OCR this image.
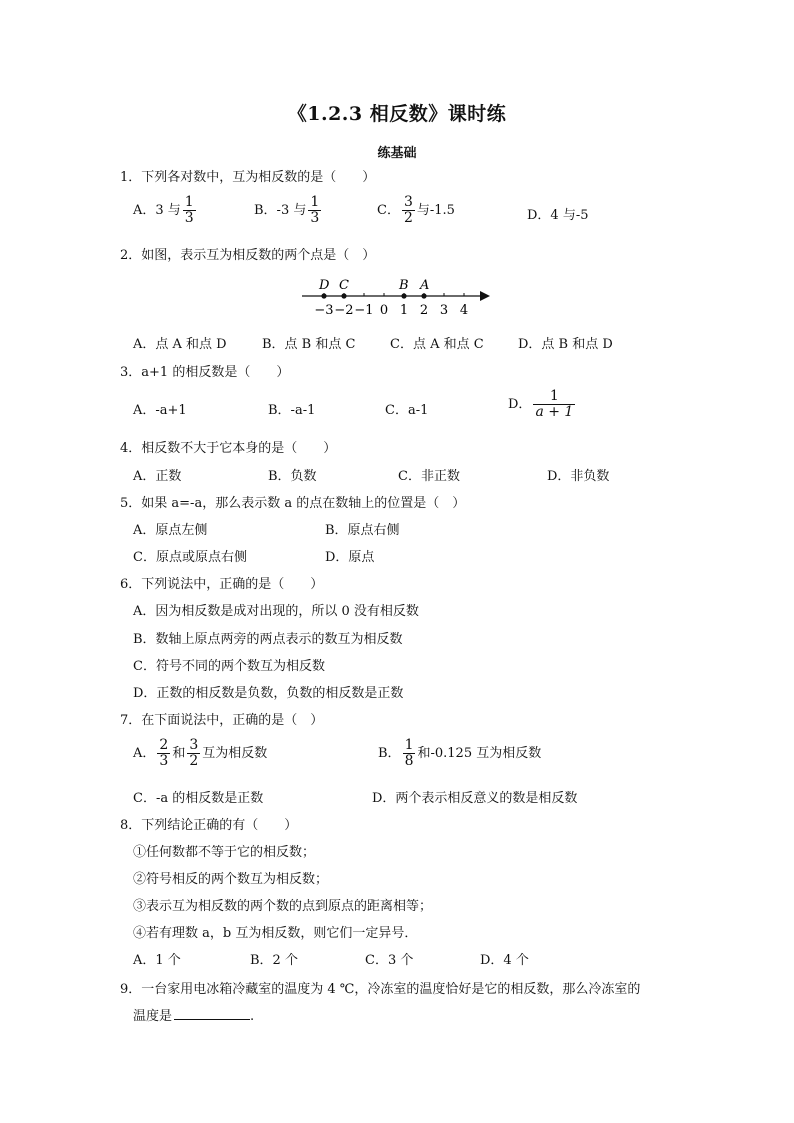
《1.2.3 相反数》课时练
练基础
1．下列各对数中，互为相反数的是（　　）
A．3 与 $\frac{1}{3}$	B．-3 与 $\frac{1}{3}$	C． $\frac{3}{2}$ 与-1.5	D．4 与-5
2．如图，表示互为相反数的两个点是（　）
D C	B A
−3 −2 −1 0 1 2 3 4
A．点 A 和点 D	B．点 B 和点 C	C．点 A 和点 C	D．点 B 和点 D
3．a+1 的相反数是（　　）
A．-a+1	B．-a-1	C．a-1	D． $\frac{1}{a + 1}$
4．相反数不大于它本身的是（　　）
A．正数	B．负数	C．非正数	D．非负数
5．如果 a=-a，那么表示数 a 的点在数轴上的位置是（　）
A．原点左侧	B．原点右侧
C．原点或原点右侧	D．原点
6．下列说法中，正确的是（　　）
A．因为相反数是成对出现的，所以 0 没有相反数
B．数轴上原点两旁的两点表示的数互为相反数
C．符号不同的两个数互为相反数
D．正数的相反数是负数，负数的相反数是正数
7．在下面说法中，正确的是（　）
A． $\frac{2}{3}$ 和 $\frac{3}{2}$ 互为相反数	B． $\frac{1}{8}$ 和-0.125 互为相反数
C．-a 的相反数是正数	D．两个表示相反意义的数是相反数
8．下列结论正确的有（　　）
①任何数都不等于它的相反数；
②符号相反的两个数互为相反数；
③表示互为相反数的两个数的点到原点的距离相等；
④若有理数 a，b 互为相反数，则它们一定异号．
A．1 个	B．2 个	C．3 个	D．4 个
9．一台家用电冰箱冷藏室的温度为 4 ℃，冷冻室的温度恰好是它的相反数，那么冷冻室的
温度是	.
